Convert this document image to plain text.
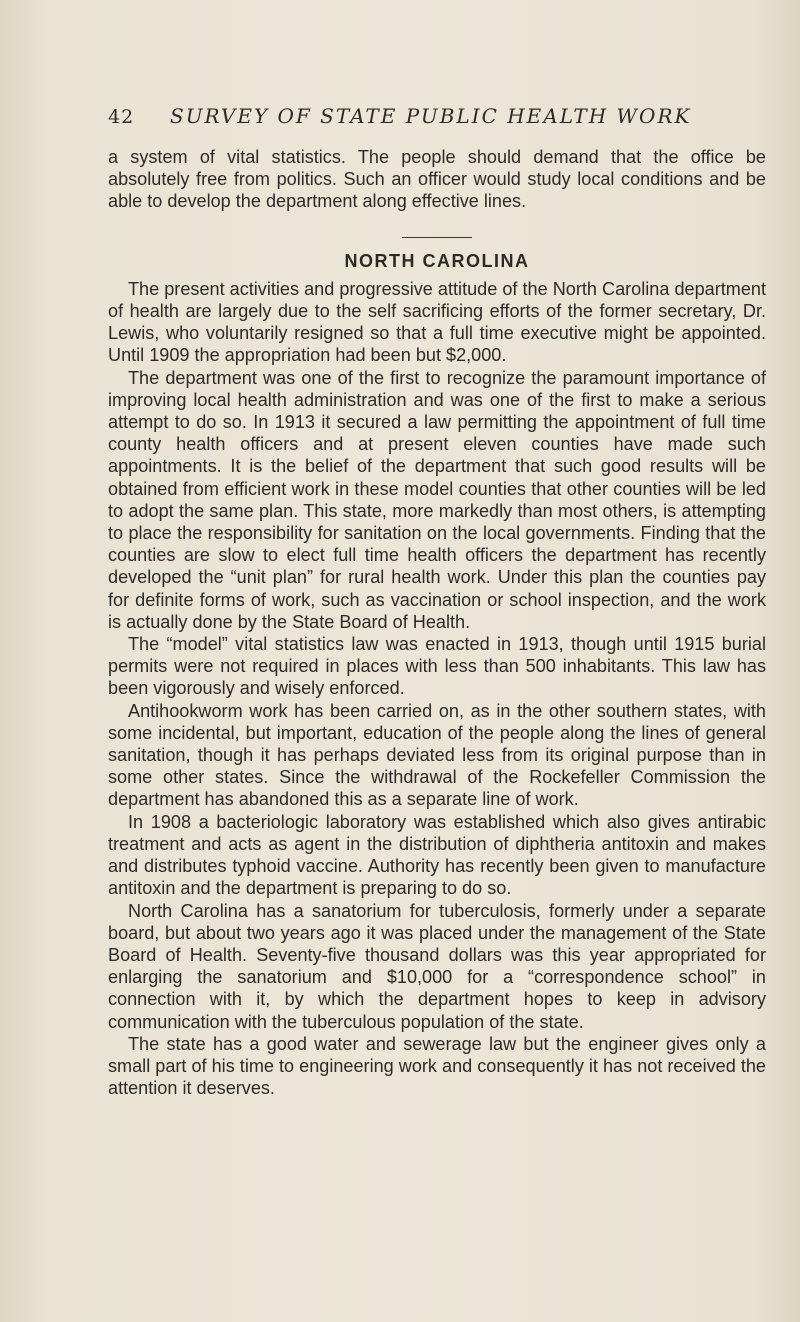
42 SURVEY OF STATE PUBLIC HEALTH WORK

a system of vital statistics. The people should demand that the office be absolutely free from politics. Such an officer would study local conditions and be able to develop the department along effective lines.

NORTH CAROLINA

The present activities and progressive attitude of the North Carolina department of health are largely due to the self sacrificing efforts of the former secretary, Dr. Lewis, who voluntarily resigned so that a full time executive might be appointed. Until 1909 the appropriation had been but $2,000.

The department was one of the first to recognize the paramount importance of improving local health administration and was one of the first to make a serious attempt to do so. In 1913 it secured a law permitting the appointment of full time county health officers and at present eleven counties have made such appointments. It is the belief of the department that such good results will be obtained from efficient work in these model counties that other counties will be led to adopt the same plan. This state, more markedly than most others, is attempting to place the responsibility for sanitation on the local governments. Finding that the counties are slow to elect full time health officers the department has recently developed the “unit plan” for rural health work. Under this plan the counties pay for definite forms of work, such as vaccination or school inspection, and the work is actually done by the State Board of Health.

The “model” vital statistics law was enacted in 1913, though until 1915 burial permits were not required in places with less than 500 inhabitants. This law has been vigorously and wisely enforced.

Antihookworm work has been carried on, as in the other southern states, with some incidental, but important, education of the people along the lines of general sanitation, though it has perhaps deviated less from its original purpose than in some other states. Since the withdrawal of the Rockefeller Commission the department has abandoned this as a separate line of work.

In 1908 a bacteriologic laboratory was established which also gives antirabic treatment and acts as agent in the distribution of diphtheria antitoxin and makes and distributes typhoid vaccine. Authority has recently been given to manufacture antitoxin and the department is preparing to do so.

North Carolina has a sanatorium for tuberculosis, formerly under a separate board, but about two years ago it was placed under the management of the State Board of Health. Seventy-five thousand dollars was this year appropriated for enlarging the sanatorium and $10,000 for a “correspondence school” in connection with it, by which the department hopes to keep in advisory communication with the tuberculous population of the state.

The state has a good water and sewerage law but the engineer gives only a small part of his time to engineering work and consequently it has not received the attention it deserves.
